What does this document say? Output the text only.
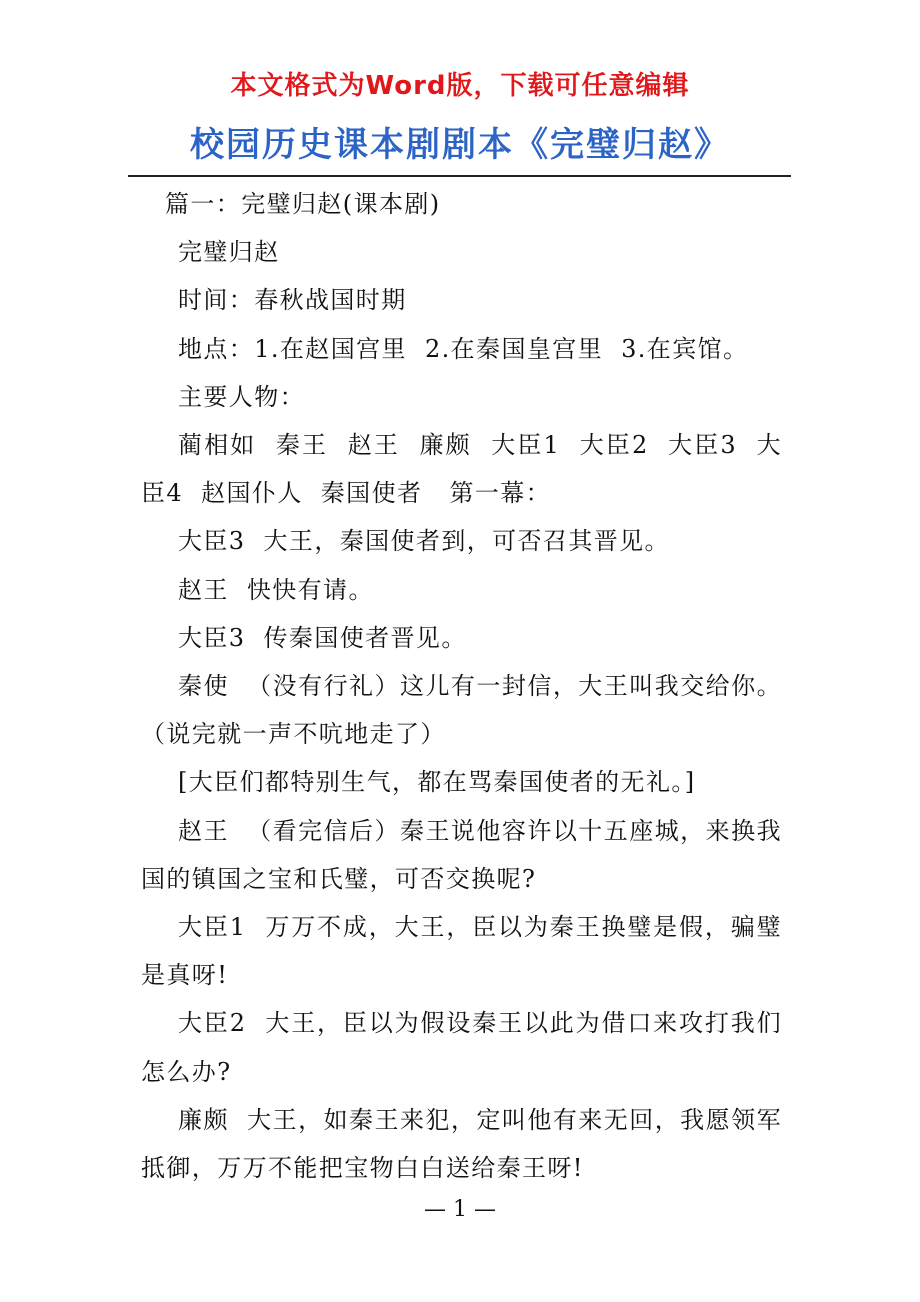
本文格式为Word版，下载可任意编辑
校园历史课本剧剧本《完璧归赵》

篇一：完璧归赵(课本剧)

完璧归赵

时间：春秋战国时期

地点：1.在赵国宫里  2.在秦国皇宫里  3.在宾馆。

主要人物：

蔺相如  秦王  赵王  廉颇  大臣1  大臣2  大臣3  大臣4  赵国仆人  秦国使者   第一幕：

大臣3  大王，秦国使者到，可否召其晋见。

赵王  快快有请。

大臣3  传秦国使者晋见。

秦使  （没有行礼）这儿有一封信，大王叫我交给你。（说完就一声不吭地走了）

[大臣们都特别生气，都在骂秦国使者的无礼。]

赵王  （看完信后）秦王说他容许以十五座城，来换我国的镇国之宝和氏璧，可否交换呢?

大臣1  万万不成，大王，臣以为秦王换璧是假，骗璧是真呀!

大臣2  大王，臣以为假设秦王以此为借口来攻打我们怎么办?

廉颇  大王，如秦王来犯，定叫他有来无回，我愿领军抵御，万万不能把宝物白白送给秦王呀!

— 1 —
